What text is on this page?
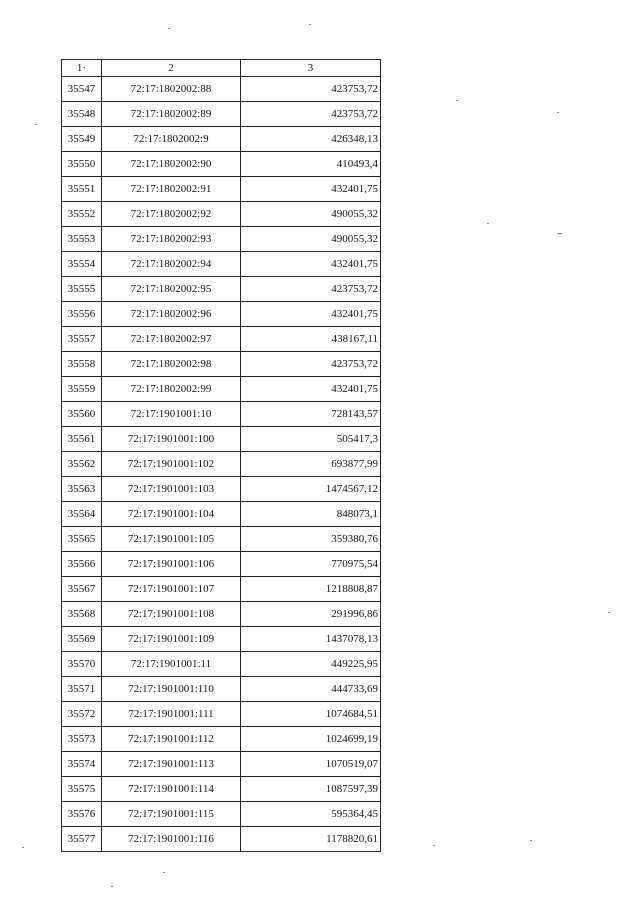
1·	2	3
35547	72:17:1802002:88	423753,72
35548	72:17:1802002:89	423753,72
35549	72:17:1802002:9	426348,13
35550	72:17:1802002:90	410493,4
35551	72:17:1802002:91	432401,75
35552	72:17:1802002:92	490055,32
35553	72:17:1802002:93	490055,32
35554	72:17:1802002:94	432401,75
35555	72:17:1802002:95	423753,72
35556	72:17:1802002:96	432401,75
35557	72:17:1802002:97	438167,11
35558	72:17:1802002:98	423753,72
35559	72:17:1802002:99	432401,75
35560	72:17:1901001:10	728143,57
35561	72:17:1901001:100	505417,3
35562	72:17:1901001:102	693877,99
35563	72:17:1901001:103	1474567,12
35564	72:17:1901001:104	848073,1
35565	72:17:1901001:105	359380,76
35566	72:17:1901001:106	770975,54
35567	72:17:1901001:107	1218808,87
35568	72:17:1901001:108	291996,86
35569	72:17:1901001:109	1437078,13
35570	72:17:1901001:11	449225,95
35571	72:17:1901001:110	444733,69
35572	72:17:1901001:111	1074684,51
35573	72:17:1901001:112	1024699,19
35574	72:17:1901001:113	1070519,07
35575	72:17:1901001:114	1087597,39
35576	72:17:1901001:115	595364,45
35577	72:17:1901001:116	1178820,61
